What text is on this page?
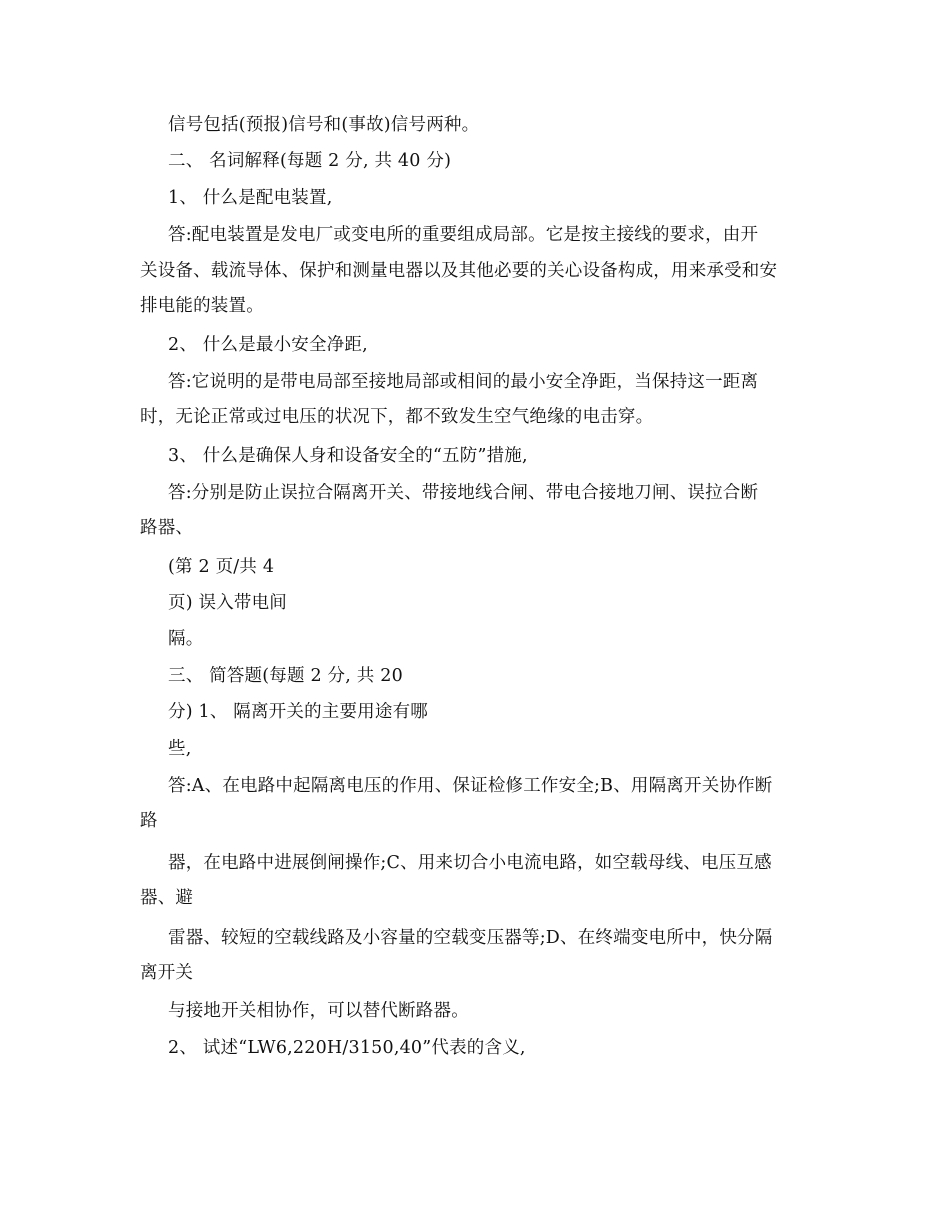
信号包括(预报)信号和(事故)信号两种。
二、 名词解释(每题 2 分, 共 40 分)
1、 什么是配电装置,
答:配电装置是发电厂或变电所的重要组成局部。它是按主接线的要求，由开
关设备、载流导体、保护和测量电器以及其他必要的关心设备构成，用来承受和安
排电能的装置。
2、 什么是最小安全净距,
答:它说明的是带电局部至接地局部或相间的最小安全净距，当保持这一距离
时，无论正常或过电压的状况下，都不致发生空气绝缘的电击穿。
3、 什么是确保人身和设备安全的“五防”措施,
答:分别是防止误拉合隔离开关、带接地线合闸、带电合接地刀闸、误拉合断
路器、
(第 2 页/共 4
页) 误入带电间
隔。
三、 简答题(每题 2 分, 共 20
分) 1、 隔离开关的主要用途有哪
些,
答:A、在电路中起隔离电压的作用、保证检修工作安全;B、用隔离开关协作断
路
器，在电路中进展倒闸操作;C、用来切合小电流电路，如空载母线、电压互感
器、避
雷器、较短的空载线路及小容量的空载变压器等;D、在终端变电所中，快分隔
离开关
与接地开关相协作，可以替代断路器。
2、 试述“LW6,220H/3150,40”代表的含义,
